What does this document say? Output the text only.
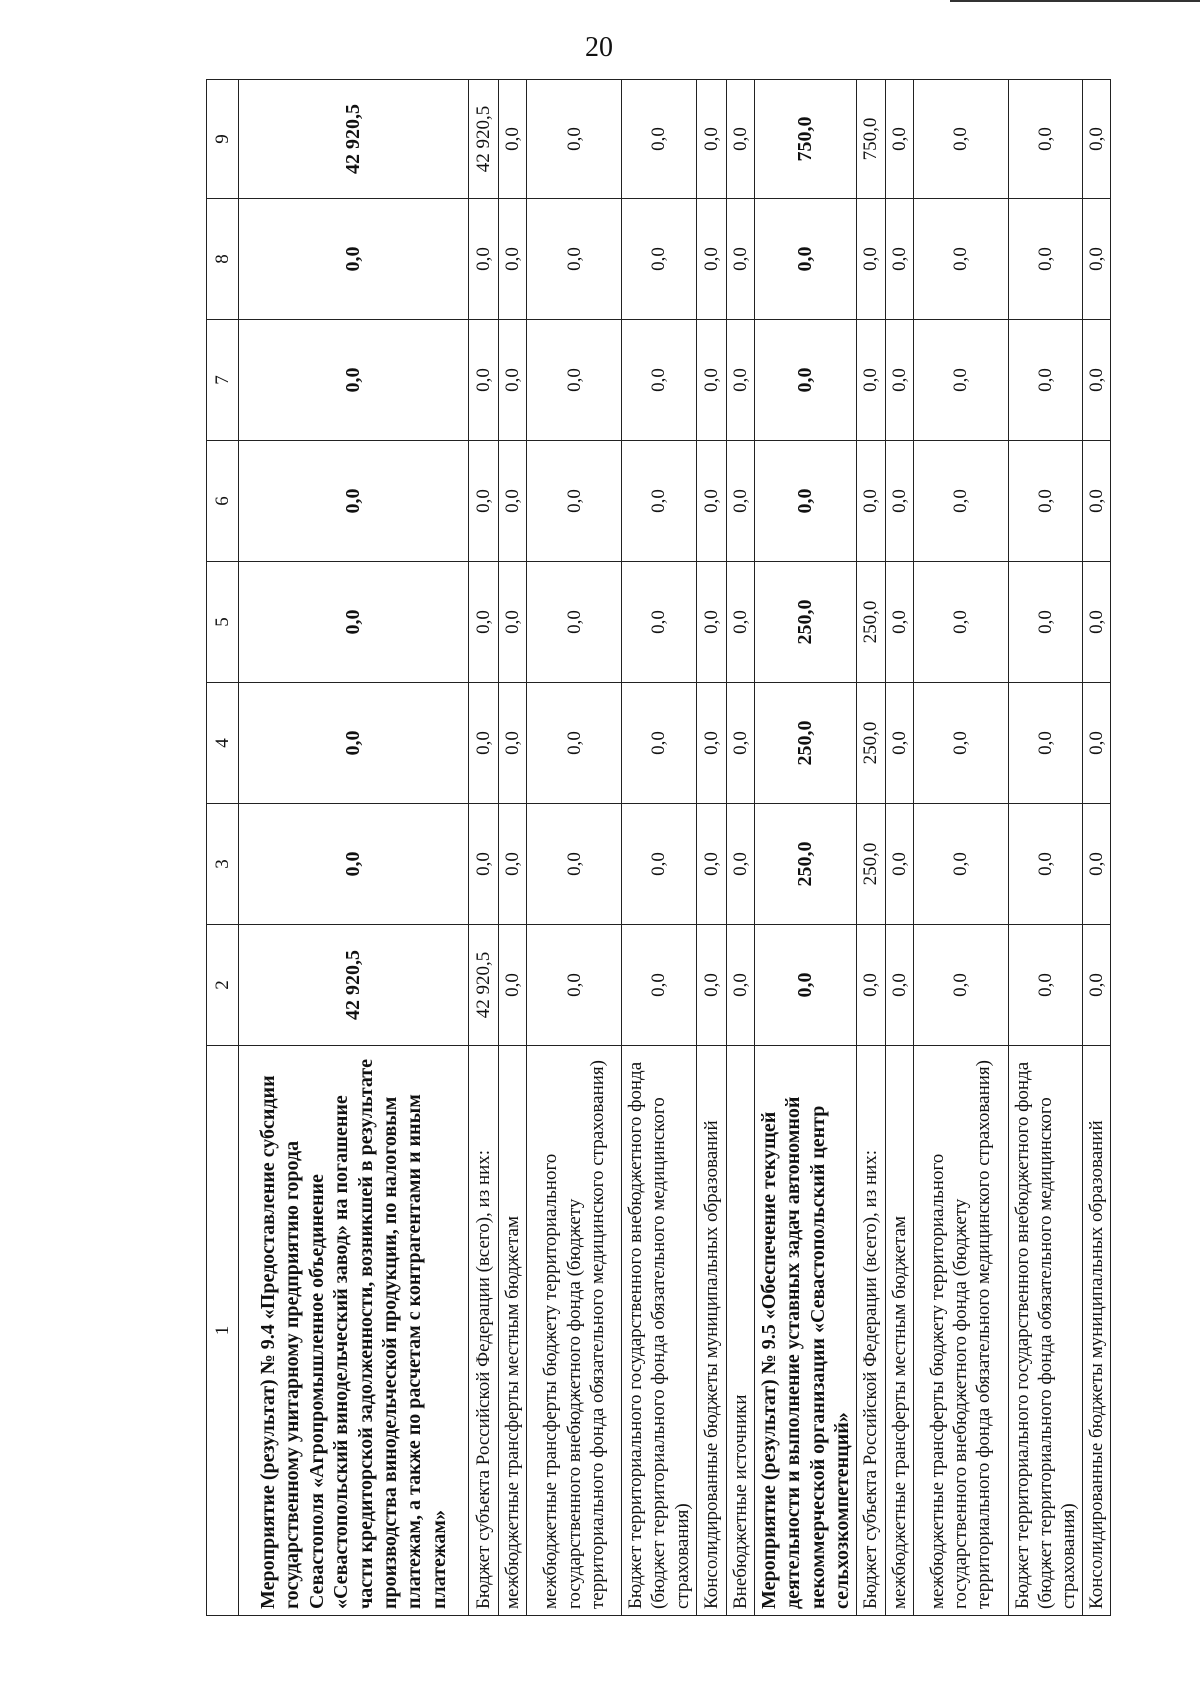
20
1	2	3	4	5	6	7	8	9
Мероприятие (результат) № 9.4 «Предоставление субсидии государственному унитарному предприятию города Севастополя «Агропромышленное объединение «Севастопольский винодельческий завод» на погашение части кредиторской задолженности, возникшей в результате производства винодельческой продукции, по налоговым платежам, а также по расчетам с контрагентами и иным платежам»	42 920,5	0,0	0,0	0,0	0,0	0,0	0,0	42 920,5
Бюджет субъекта Российской Федерации (всего), из них:	42 920,5	0,0	0,0	0,0	0,0	0,0	0,0	42 920,5
межбюджетные трансферты местным бюджетам	0,0	0,0	0,0	0,0	0,0	0,0	0,0	0,0
межбюджетные трансферты бюджету территориального государственного внебюджетного фонда (бюджету территориального фонда обязательного медицинского страхования)	0,0	0,0	0,0	0,0	0,0	0,0	0,0	0,0
Бюджет территориального государственного внебюджетного фонда (бюджет территориального фонда обязательного медицинского страхования)	0,0	0,0	0,0	0,0	0,0	0,0	0,0	0,0
Консолидированные бюджеты муниципальных образований	0,0	0,0	0,0	0,0	0,0	0,0	0,0	0,0
Внебюджетные источники	0,0	0,0	0,0	0,0	0,0	0,0	0,0	0,0
Мероприятие (результат) № 9.5 «Обеспечение текущей деятельности и выполнение уставных задач автономной некоммерческой организации «Севастопольский центр сельхозкомпетенций»	0,0	250,0	250,0	250,0	0,0	0,0	0,0	750,0
Бюджет субъекта Российской Федерации (всего), из них:	0,0	250,0	250,0	250,0	0,0	0,0	0,0	750,0
межбюджетные трансферты местным бюджетам	0,0	0,0	0,0	0,0	0,0	0,0	0,0	0,0
межбюджетные трансферты бюджету территориального государственного внебюджетного фонда (бюджету территориального фонда обязательного медицинского страхования)	0,0	0,0	0,0	0,0	0,0	0,0	0,0	0,0
Бюджет территориального государственного внебюджетного фонда (бюджет территориального фонда обязательного медицинского страхования)	0,0	0,0	0,0	0,0	0,0	0,0	0,0	0,0
Консолидированные бюджеты муниципальных образований	0,0	0,0	0,0	0,0	0,0	0,0	0,0	0,0
